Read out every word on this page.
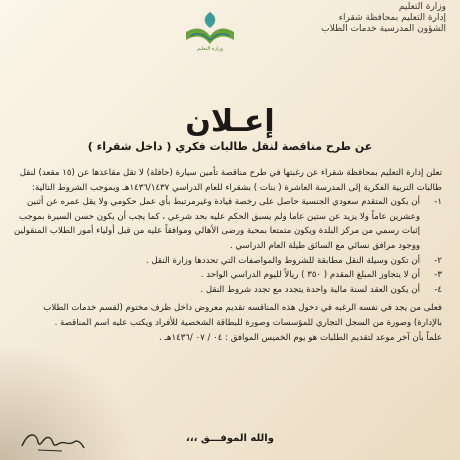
وزارة التعليم
وزارة التعليم
إدارة التعليم بمحافظة شقراء
الشؤون المدرسية خدمات الطلاب
إعـلان
عن طرح مناقصة لنقل طالبات فكري ( داخل شقراء )

تعلن إدارة التعليم بمحافظة شقراء عن رغبتها في طرح مناقصة تأمين سيارة (حافلة) لا تقل مقاعدها عن (١٥ مقعد) لنقل طالبات التربية الفكرية إلى المدرسة العاشرة ( بنات ) بشقراء للعام الدراسي ١٤٣٦/١٤٣٧هـ وبموجب الشروط التالية:

١-
أن يكون المتقدم سعودي الجنسية حاصل على رخصة قيادة وغيرمرتبط بأي عمل حكومي ولا يقل عمره عن أثنين وعشرين عاماً ولا يزيد عن ستين عاما ولم يسبق الحكم عليه بحد شرعي ، كما يجب أن يكون حسن السيرة بموجب إثبات رسمي من مركز البلدة ويكون متمتعا بمحبة ورضى الأهالي وموافقاً عليه من قبل أولياء أمور الطلاب المنقولين ووجود مرافق نسائي مع السائق طيلة العام الدراسي .
٢-
أن تكون وسيلة النقل مطابقة للشروط والمواصفات التي تحددها وزارة النقل .
٣-
أن لا يتجاوز المبلغ المقدم ( ٣٥٠ ) ريالاً لليوم الدراسي الواحد .
٤-
أن يكون العقد لسنة مالية واحدة يتجدد مع تجدد شروط النقل .

فعلى من يجد في نفسه الرغبه في دخول هذه المناقسه تقديم معروض داخل ظرف مختوم (لقسم خدمات الطلاب بالإدارة) وصورة من السجل التجاري للمؤسسات وصورة للبطاقة الشخصية للأفراد ويكتب عليه اسم المناقصة .

علماً بأن آخر موعد لتقديم الطلبات هو يوم الخميس الموافق : ٠٤ / ٠٧ /١٤٣٦هـ .

والله الموفـــق ،،،
